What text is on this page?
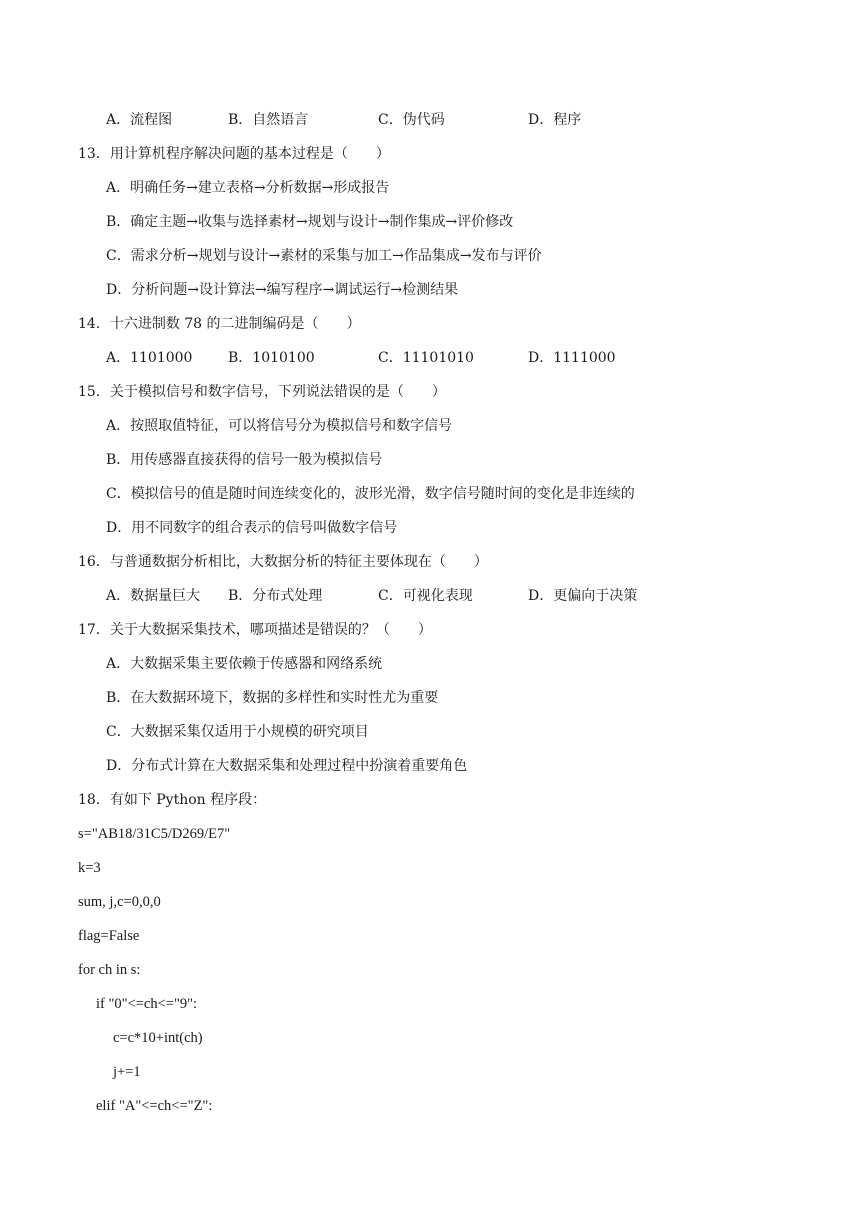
A．流程图	B．自然语言	C．伪代码	D．程序
13．用计算机程序解决问题的基本过程是（　　）
A．明确任务→建立表格→分析数据→形成报告
B．确定主题→收集与选择素材→规划与设计→制作集成→评价修改
C．需求分析→规划与设计→素材的采集与加工→作品集成→发布与评价
D．分析问题→设计算法→编写程序→调试运行→检测结果
14．十六进制数 78 的二进制编码是（　　）
A．1101000	B．1010100	C．11101010	D．1111000
15．关于模拟信号和数字信号，下列说法错误的是（　　）
A．按照取值特征，可以将信号分为模拟信号和数字信号
B．用传感器直接获得的信号一般为模拟信号
C．模拟信号的值是随时间连续变化的，波形光滑，数字信号随时间的变化是非连续的
D．用不同数字的组合表示的信号叫做数字信号
16．与普通数据分析相比，大数据分析的特征主要体现在（　　）
A．数据量巨大 B．分布式处理	C．可视化表现	D．更偏向于决策
17．关于大数据采集技术，哪项描述是错误的？（　　）
A．大数据采集主要依赖于传感器和网络系统
B．在大数据环境下，数据的多样性和实时性尤为重要
C．大数据采集仅适用于小规模的研究项目
D．分布式计算在大数据采集和处理过程中扮演着重要角色
18．有如下 Python 程序段：
s="AB18/31C5/D269/E7"
k=3
sum, j,c=0,0,0
flag=False
for ch in s:
if "0"<=ch<="9":
c=c*10+int(ch)
j+=1
elif "A"<=ch<="Z":
